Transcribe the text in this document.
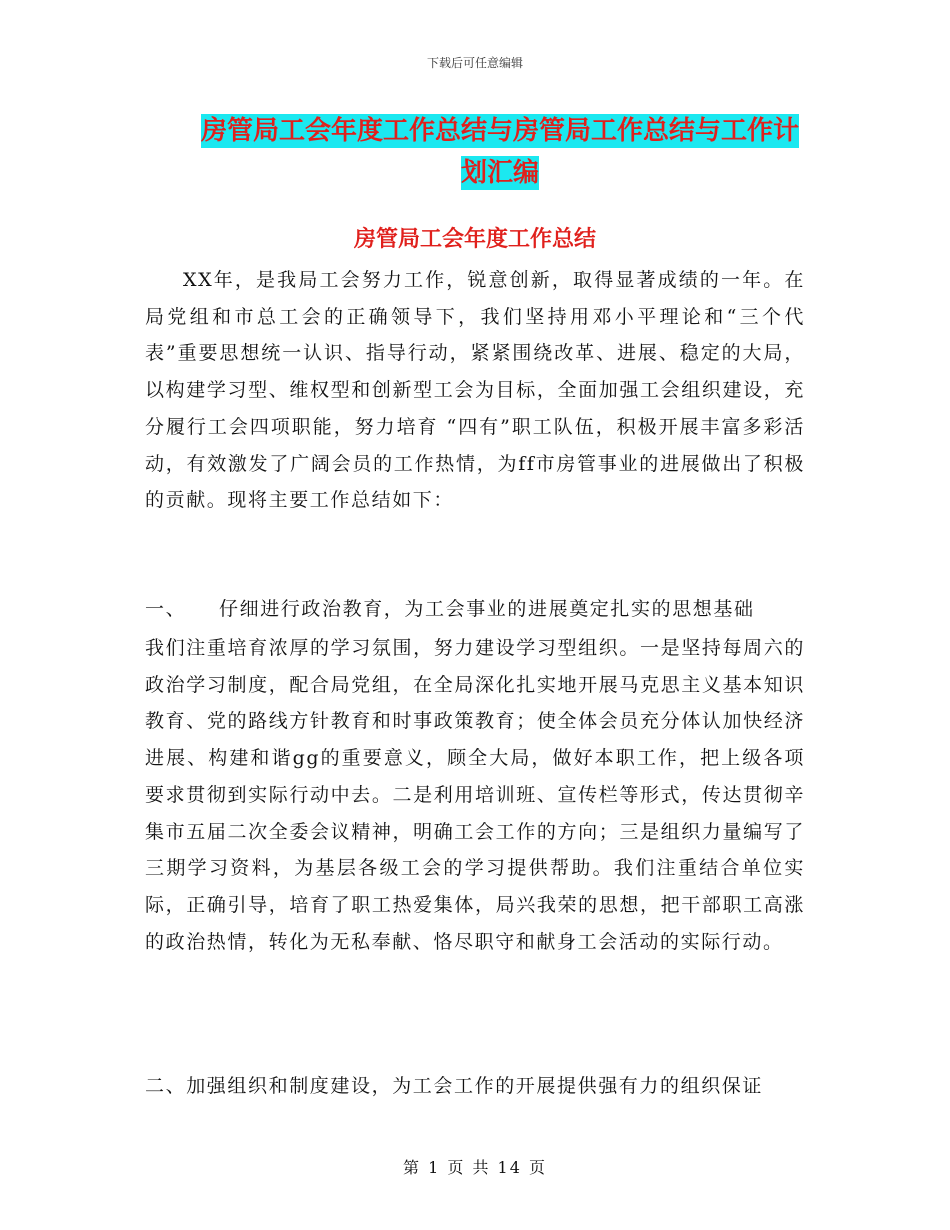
下载后可任意编辑
房管局工会年度工作总结与房管局工作总结与工作计划汇编
房管局工会年度工作总结
XX年，是我局工会努力工作，锐意创新，取得显著成绩的一年。在局党组和市总工会的正确领导下，我们坚持用邓小平理论和“三个代表”重要思想统一认识、指导行动，紧紧围绕改革、进展、稳定的大局，以构建学习型、维权型和创新型工会为目标，全面加强工会组织建设，充分履行工会四项职能，努力培育 “四有”职工队伍，积极开展丰富多彩活动，有效激发了广阔会员的工作热情，为ff市房管事业的进展做出了积极的贡献。现将主要工作总结如下：
一、 仔细进行政治教育，为工会事业的进展奠定扎实的思想基础
我们注重培育浓厚的学习氛围，努力建设学习型组织。一是坚持每周六的政治学习制度，配合局党组，在全局深化扎实地开展马克思主义基本知识教育、党的路线方针教育和时事政策教育；使全体会员充分体认加快经济进展、构建和谐gg的重要意义，顾全大局，做好本职工作，把上级各项要求贯彻到实际行动中去。二是利用培训班、宣传栏等形式，传达贯彻辛集市五届二次全委会议精神，明确工会工作的方向；三是组织力量编写了三期学习资料，为基层各级工会的学习提供帮助。我们注重结合单位实际，正确引导，培育了职工热爱集体，局兴我荣的思想，把干部职工高涨的政治热情，转化为无私奉献、恪尽职守和献身工会活动的实际行动。
二、加强组织和制度建设，为工会工作的开展提供强有力的组织保证
第 1 页 共 14 页
